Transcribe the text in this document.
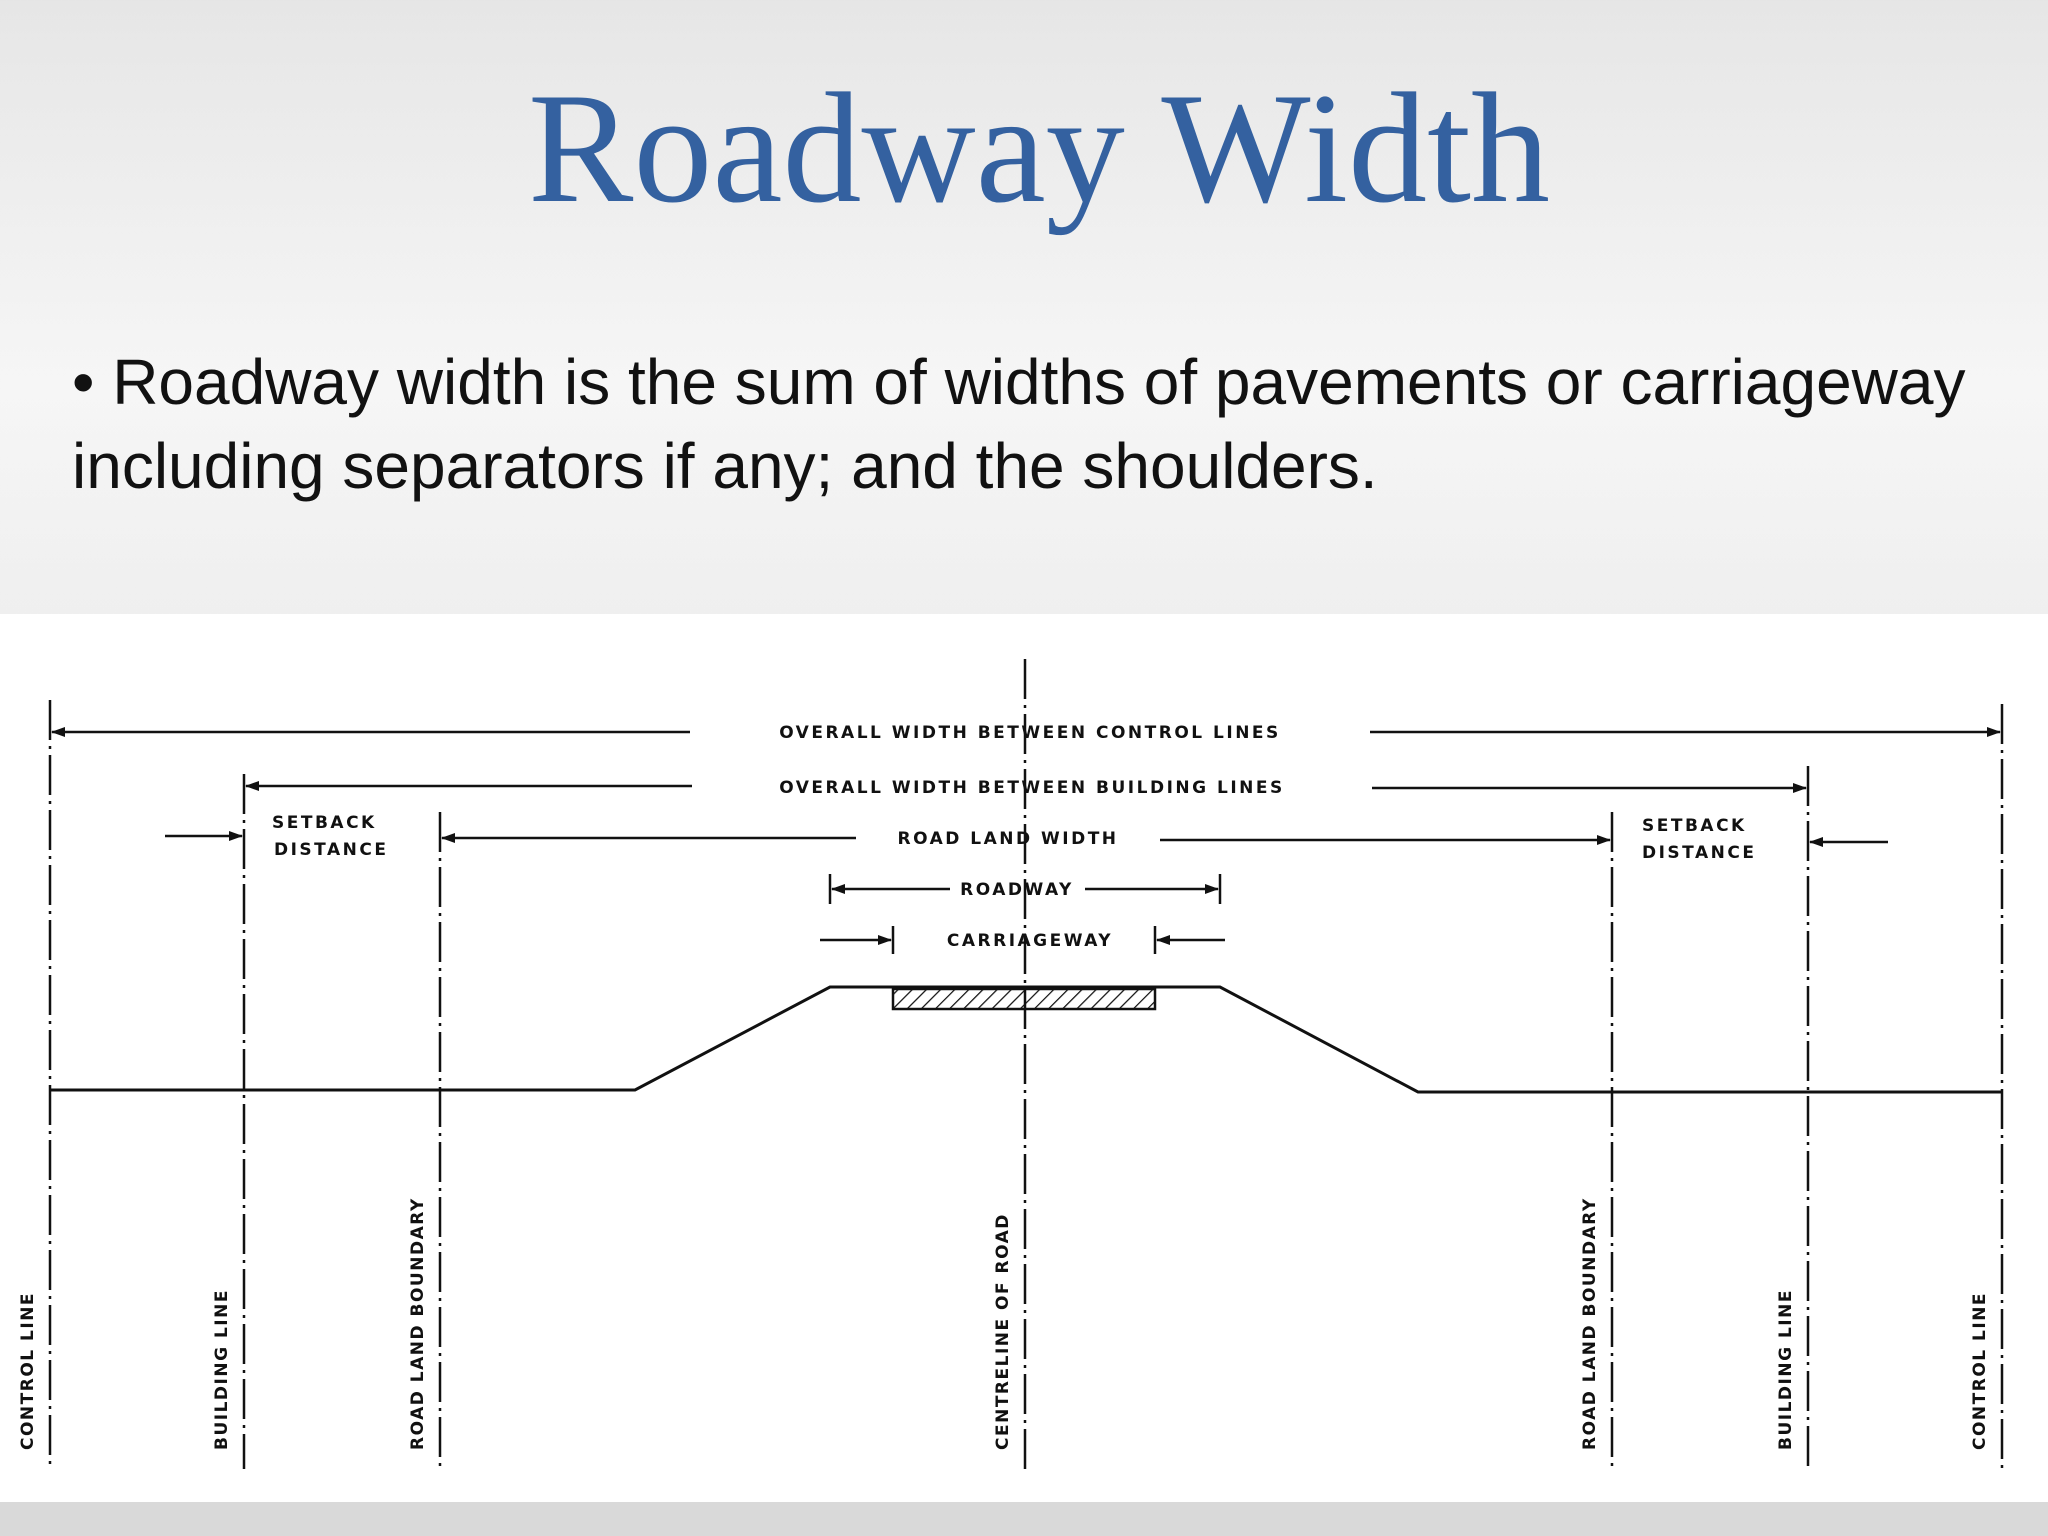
Roadway Width
• Roadway width is the sum of widths of pavements or carriageway including separators if any; and the shoulders.
OVERALL WIDTH BETWEEN CONTROL LINES
OVERALL WIDTH BETWEEN BUILDING LINES
ROAD LAND WIDTH
SETBACK
DISTANCE
SETBACK
DISTANCE
ROADWAY
CARRIAGEWAY
CONTROL LINE	BUILDING LINE	ROAD LAND BOUNDARY	CENTRELINE OF ROAD	ROAD LAND BOUNDARY	BUILDING LINE	CONTROL LINE
